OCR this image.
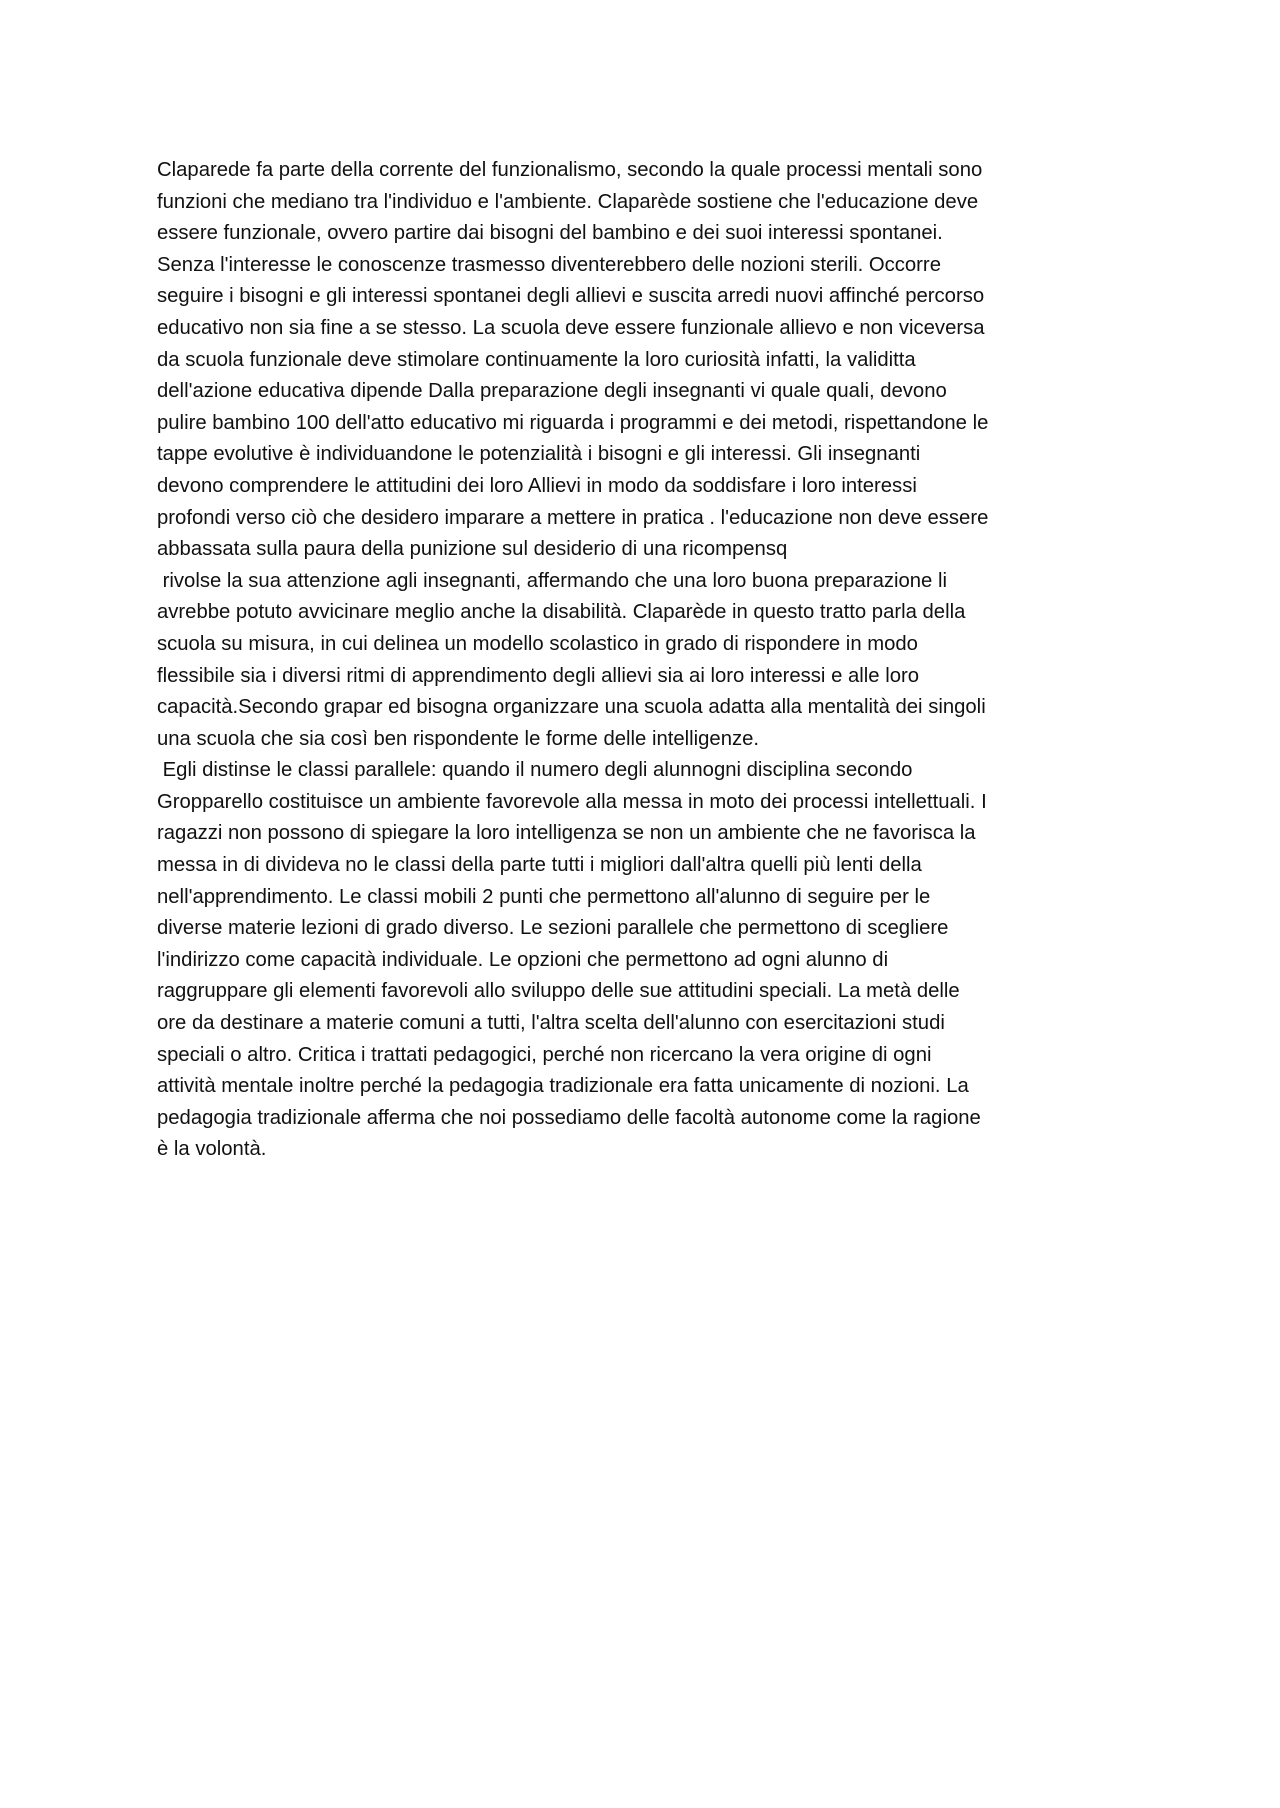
Claparede fa parte della corrente del funzionalismo, secondo la quale processi mentali sono
funzioni che mediano tra l'individuo e l'ambiente. Claparède sostiene che l'educazione deve
essere funzionale, ovvero partire dai bisogni del bambino e dei suoi interessi spontanei.
Senza l'interesse le conoscenze trasmesso diventerebbero delle nozioni sterili. Occorre
seguire i bisogni e gli interessi spontanei degli allievi e suscita arredi nuovi affinché percorso
educativo non sia fine a se stesso. La scuola deve essere funzionale allievo e non viceversa
da scuola funzionale deve stimolare continuamente la loro curiosità infatti, la validitta
dell'azione educativa dipende Dalla preparazione degli insegnanti vi quale quali, devono
pulire bambino 100 dell'atto educativo mi riguarda i programmi e dei metodi, rispettandone le
tappe evolutive è individuandone le potenzialità i bisogni e gli interessi. Gli insegnanti
devono comprendere le attitudini dei loro Allievi in modo da soddisfare i loro interessi
profondi verso ciò che desidero imparare a mettere in pratica . l'educazione non deve essere
abbassata sulla paura della punizione sul desiderio di una ricompensq
rivolse la sua attenzione agli insegnanti, affermando che una loro buona preparazione li
avrebbe potuto avvicinare meglio anche la disabilità. Claparède in questo tratto parla della
scuola su misura, in cui delinea un modello scolastico in grado di rispondere in modo
flessibile sia i diversi ritmi di apprendimento degli allievi sia ai loro interessi e alle loro
capacità.Secondo grapar ed bisogna organizzare una scuola adatta alla mentalità dei singoli
una scuola che sia così ben rispondente le forme delle intelligenze.
Egli distinse le classi parallele: quando il numero degli alunnogni disciplina secondo
Gropparello costituisce un ambiente favorevole alla messa in moto dei processi intellettuali. I
ragazzi non possono di spiegare la loro intelligenza se non un ambiente che ne favorisca la
messa in di divideva no le classi della parte tutti i migliori dall'altra quelli più lenti della
nell'apprendimento. Le classi mobili 2 punti che permettono all'alunno di seguire per le
diverse materie lezioni di grado diverso. Le sezioni parallele che permettono di scegliere
l'indirizzo come capacità individuale. Le opzioni che permettono ad ogni alunno di
raggruppare gli elementi favorevoli allo sviluppo delle sue attitudini speciali. La metà delle
ore da destinare a materie comuni a tutti, l'altra scelta dell'alunno con esercitazioni studi
speciali o altro. Critica i trattati pedagogici, perché non ricercano la vera origine di ogni
attività mentale inoltre perché la pedagogia tradizionale era fatta unicamente di nozioni. La
pedagogia tradizionale afferma che noi possediamo delle facoltà autonome come la ragione
è la volontà.
